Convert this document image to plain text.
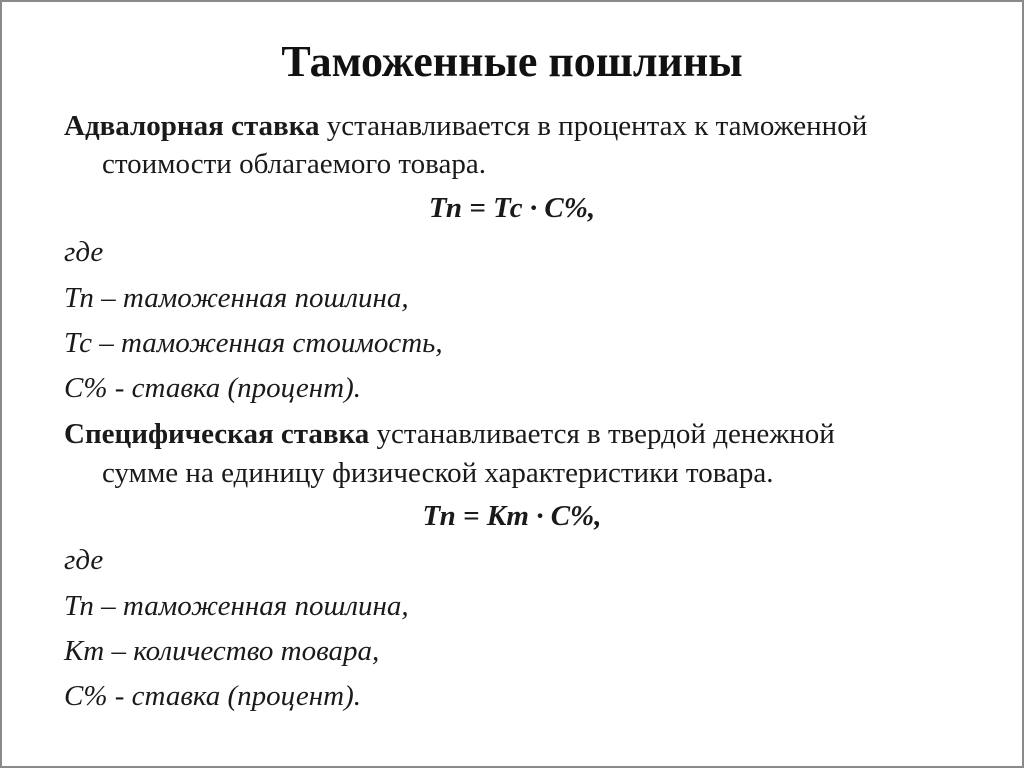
Таможенные пошлины
Адвалорная ставка устанавливается в процентах к таможенной
стоимости облагаемого товара.
Тп = Тс · С%,
где
Тп – таможенная пошлина,
Тс – таможенная стоимость,
С% - ставка (процент).
Специфическая ставка устанавливается в твердой денежной
сумме на единицу физической характеристики товара.
Тп = Кт · С%,
где
Тп – таможенная пошлина,
Кт – количество товара,
С% - ставка (процент).
